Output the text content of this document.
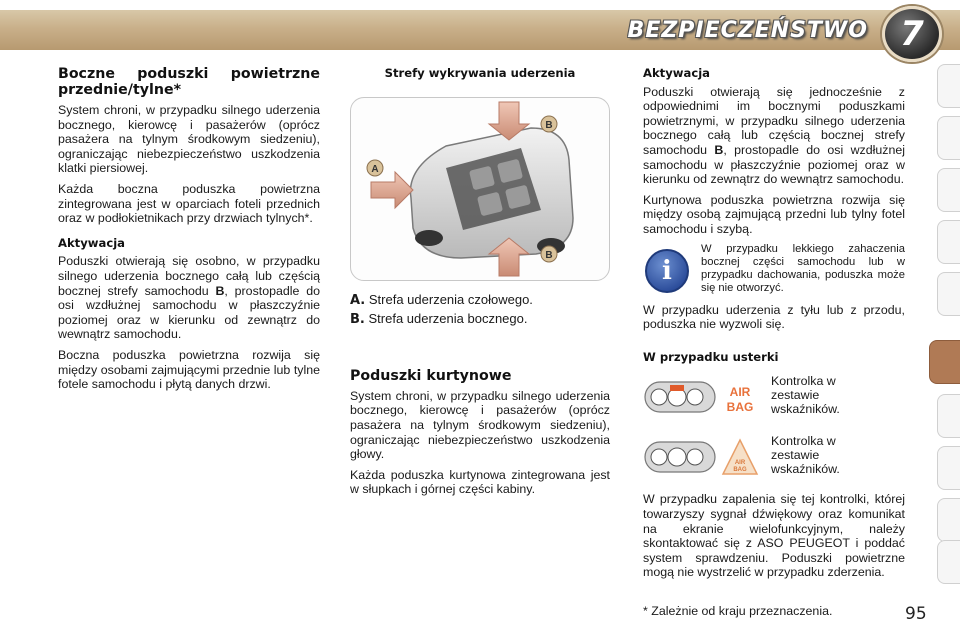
BEZPIECZEŃSTWO 7
Boczne poduszki powietrzne przednie/tylne*

System chroni, w przypadku silnego uderzenia bocznego, kierowcę i pasażerów (oprócz pasażera na tylnym środkowym siedzeniu), ograniczając niebezpieczeństwo uszkodzenia klatki piersiowej.

Każda boczna poduszka powietrzna zintegrowana jest w oparciach foteli przednich oraz w podłokietnikach przy drzwiach tylnych*.

Aktywacja

Poduszki otwierają się osobno, w przypadku silnego uderzenia bocznego całą lub częścią bocznej strefy samochodu B, prostopadle do osi wzdłużnej samochodu w płaszczyźnie poziomej oraz w kierunku od zewnątrz do wewnątrz samochodu.

Boczna poduszka powietrzna rozwija się między osobami zajmującymi przednie lub tylne fotele samochodu i płytą danych drzwi.

Strefy wykrywania uderzenia
A
B
B
A. Strefa uderzenia czołowego.
B. Strefa uderzenia bocznego.
Poduszki kurtynowe

System chroni, w przypadku silnego uderzenia bocznego, kierowcę i pasażerów (oprócz pasażera na tylnym środkowym siedzeniu), ograniczając niebezpieczeństwo uszkodzenia głowy.

Każda poduszka kurtynowa zintegrowana jest w słupkach i górnej części kabiny.

Aktywacja

Poduszki otwierają się jednocześnie z odpowiednimi im bocznymi poduszkami powietrznymi, w przypadku silnego uderzenia bocznego całą lub częścią bocznej strefy samochodu B, prostopadle do osi wzdłużnej samochodu w płaszczyźnie poziomej oraz w kierunku od zewnątrz do wewnątrz samochodu.

Kurtynowa poduszka powietrzna rozwija się między osobą zajmującą przedni lub tylny fotel samochodu i szybą.

i
W przypadku lekkiego zahaczenia bocznej części samochodu lub w przypadku dachowania, poduszka może się nie otworzyć.

W przypadku uderzenia z tyłu lub z przodu, poduszka nie wyzwoli się.

W przypadku usterki
AIR
BAG
Kontrolka w zestawie wskaźników.
AIR
BAG
Kontrolka w zestawie wskaźników.

W przypadku zapalenia się tej kontrolki, której towarzyszy sygnał dźwiękowy oraz komunikat na ekranie wielofunkcyjnym, należy skontaktować się z ASO PEUGEOT i poddać system sprawdzeniu. Poduszki powietrzne mogą nie wystrzelić w przypadku zderzenia.

* Zależnie od kraju przeznaczenia.	95
